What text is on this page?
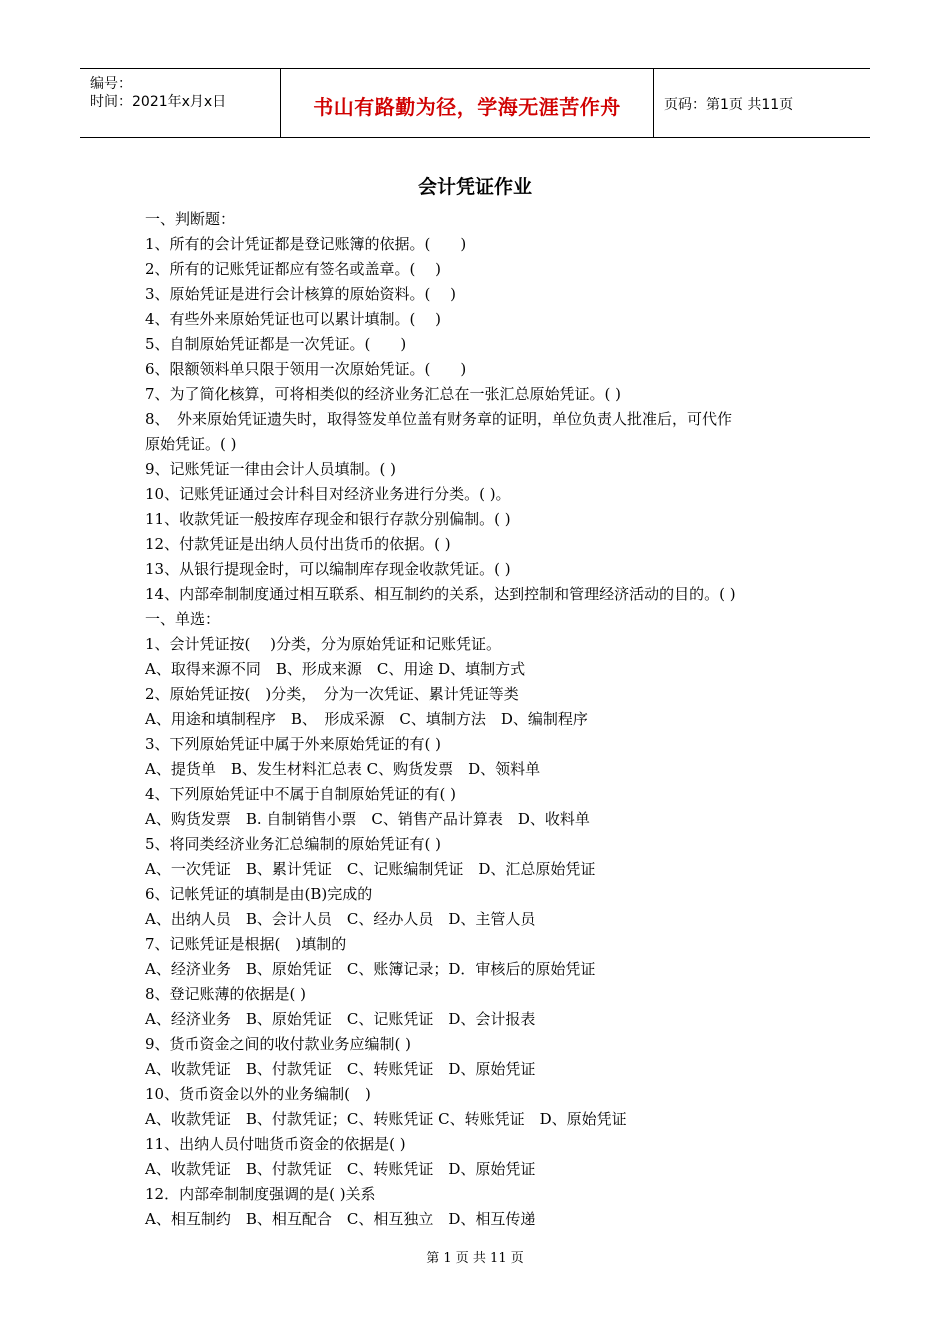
编号：
时间：2021年x月x日	书山有路勤为径，学海无涯苦作舟	页码：第1页 共11页
会计凭证作业
一、判断题：
1、所有的会计凭证都是登记账簿的依据。(　　)
2、所有的记账凭证都应有签名或盖章。(　 )
3、原始凭证是进行会计核算的原始资料。(　 )
4、有些外来原始凭证也可以累计填制。(　 )
5、自制原始凭证都是一次凭证。(　　)
6、限额领料单只限于领用一次原始凭证。(　　)
7、为了简化核算，可将相类似的经济业务汇总在一张汇总原始凭证。( )
8、　外来原始凭证遗失时，取得签发单位盖有财务章的证明，单位负责人批准后，可代作
原始凭证。( )
9、记账凭证一律由会计人员填制。( )
10、记账凭证通过会计科目对经济业务进行分类。( )。
11、收款凭证一般按库存现金和银行存款分别偏制。( )
12、付款凭证是出纳人员付出货币的依据。( )
13、从银行提现金时，可以编制库存现金收款凭证。( )
14、内部牵制制度通过相互联系、相互制约的关系，达到控制和管理经济活动的目的。( )
一、单选：
1、会计凭证按(　 )分类，分为原始凭证和记账凭证。
A、取得来源不同　B、形成来源　C、用途 D、填制方式
2、原始凭证按(　)分类，　分为一次凭证、累计凭证等类
A、用途和填制程序　B、　形成采源　C、填制方法　D、编制程序
3、下列原始凭证中属于外来原始凭证的有( )
A、提货单　B、发生材料汇总表 C、购货发票　D、领料单
4、下列原始凭证中不属于自制原始凭证的有( )
A、购货发票　B. 自制销售小票　C、销售产品计算表　D、收料单
5、将同类经济业务汇总编制的原始凭证有( )
A、一次凭证　B、累计凭证　C、记账编制凭证　D、汇总原始凭证
6、记帐凭证的填制是由(B)完成的
A、出纳人员　B、会计人员　C、经办人员　D、主管人员
7、记账凭证是根据(　)填制的
A、经济业务　B、原始凭证　C、账簿记录；D．审核后的原始凭证
8、登记账薄的依据是( )
A、经济业务　B、原始凭证　C、记账凭证　D、会计报表
9、货币资金之间的收付款业务应编制( )
A、收款凭证　B、付款凭证　C、转账凭证　D、原始凭证
10、货币资金以外的业务编制(　)
A、收款凭证　B、付款凭证；C、转账凭证 C、转账凭证　D、原始凭证
11、出纳人员付咄货币资金的依据是( )
A、收款凭证　B、付款凭证　C、转账凭证　D、原始凭证
12．内部牵制制度强调的是( )关系
A、相互制约　B、相互配合　C、相互独立　D、相互传递
第 1 页 共 11 页
